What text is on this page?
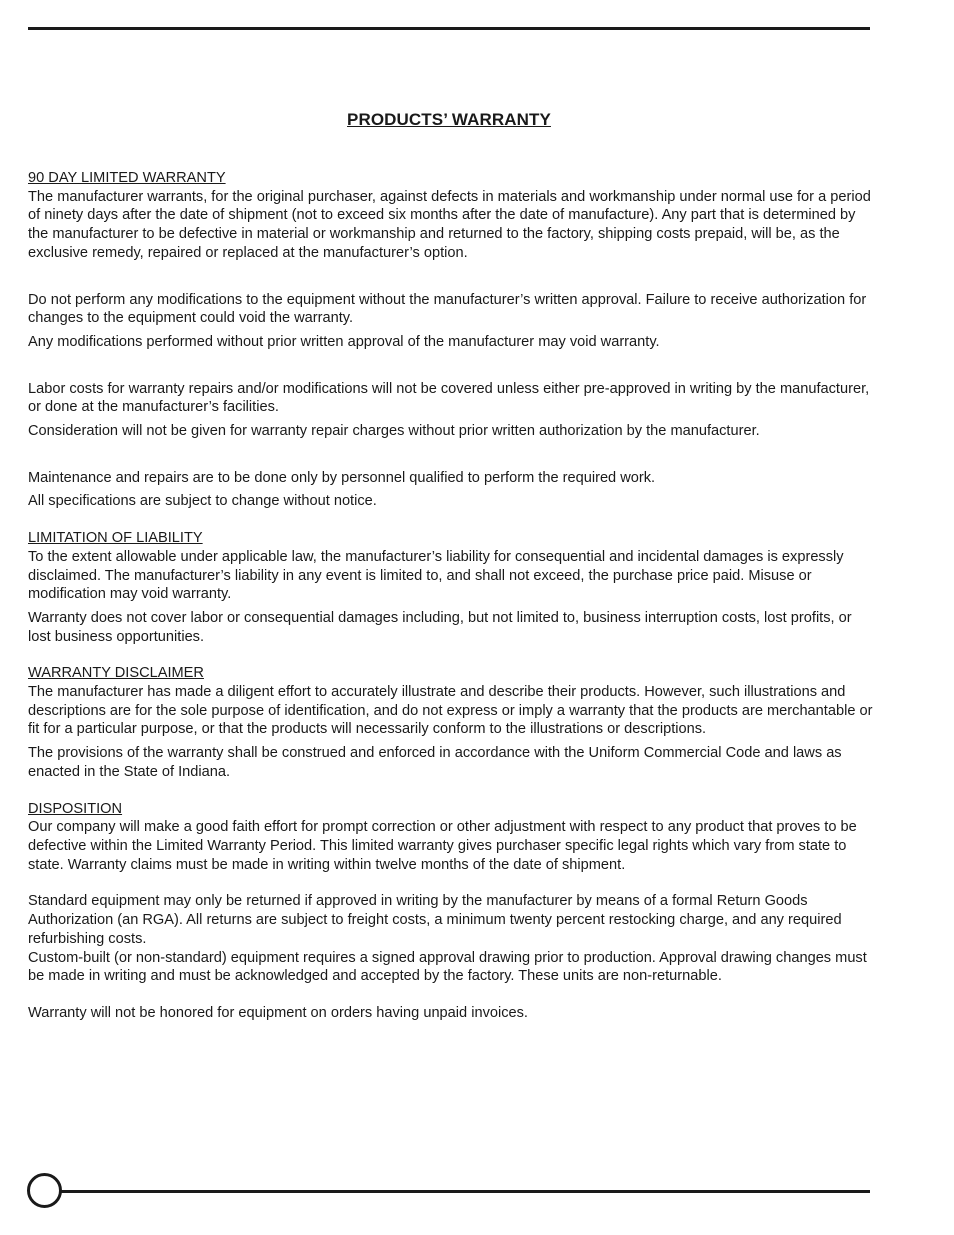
PRODUCTS’ WARRANTY

90 DAY LIMITED WARRANTY

The manufacturer warrants, for the original purchaser, against defects in materials and workmanship under normal use for a period of ninety days after the date of shipment (not to exceed six months after the date of manufacture). Any part that is determined by the manufacturer to be defective in material or workmanship and returned to the factory, shipping costs prepaid, will be, as the exclusive remedy, repaired or replaced at the manufacturer’s option.

Do not perform any modifications to the equipment without the manufacturer’s written approval. Failure to receive authorization for changes to the equipment could void the warranty.

Any modifications performed without prior written approval of the manufacturer may void warranty.

Labor costs for warranty repairs and/or modifications will not be covered unless either pre-approved in writing by the manufacturer, or done at the manufacturer’s facilities.

Consideration will not be given for warranty repair charges without prior written authorization by the manufacturer.

Maintenance and repairs are to be done only by personnel qualified to perform the required work.

All specifications are subject to change without notice.

LIMITATION OF LIABILITY

To the extent allowable under applicable law, the manufacturer’s liability for consequential and incidental damages is expressly disclaimed. The manufacturer’s liability in any event is limited to, and shall not exceed, the purchase price paid. Misuse or modification may void warranty.

Warranty does not cover labor or consequential damages including, but not limited to, business interruption costs, lost profits, or lost business opportunities.

WARRANTY DISCLAIMER

The manufacturer has made a diligent effort to accurately illustrate and describe their products. However, such illustrations and descriptions are for the sole purpose of identification, and do not express or imply a warranty that the products are merchantable or fit for a particular purpose, or that the products will necessarily conform to the illustrations or descriptions.

The provisions of the warranty shall be construed and enforced in accordance with the Uniform Commercial Code and laws as enacted in the State of Indiana.

DISPOSITION

Our company will make a good faith effort for prompt correction or other adjustment with respect to any product that proves to be defective within the Limited Warranty Period. This limited warranty gives purchaser specific legal rights which vary from state to state. Warranty claims must be made in writing within twelve months of the date of shipment.

Standard equipment may only be returned if approved in writing by the manufacturer by means of a formal Return Goods Authorization (an RGA). All returns are subject to freight costs, a minimum twenty percent restocking charge, and any required refurbishing costs.

Custom-built (or non-standard) equipment requires a signed approval drawing prior to production. Approval drawing changes must be made in writing and must be acknowledged and accepted by the factory. These units are non-returnable.

Warranty will not be honored for equipment on orders having unpaid invoices.
